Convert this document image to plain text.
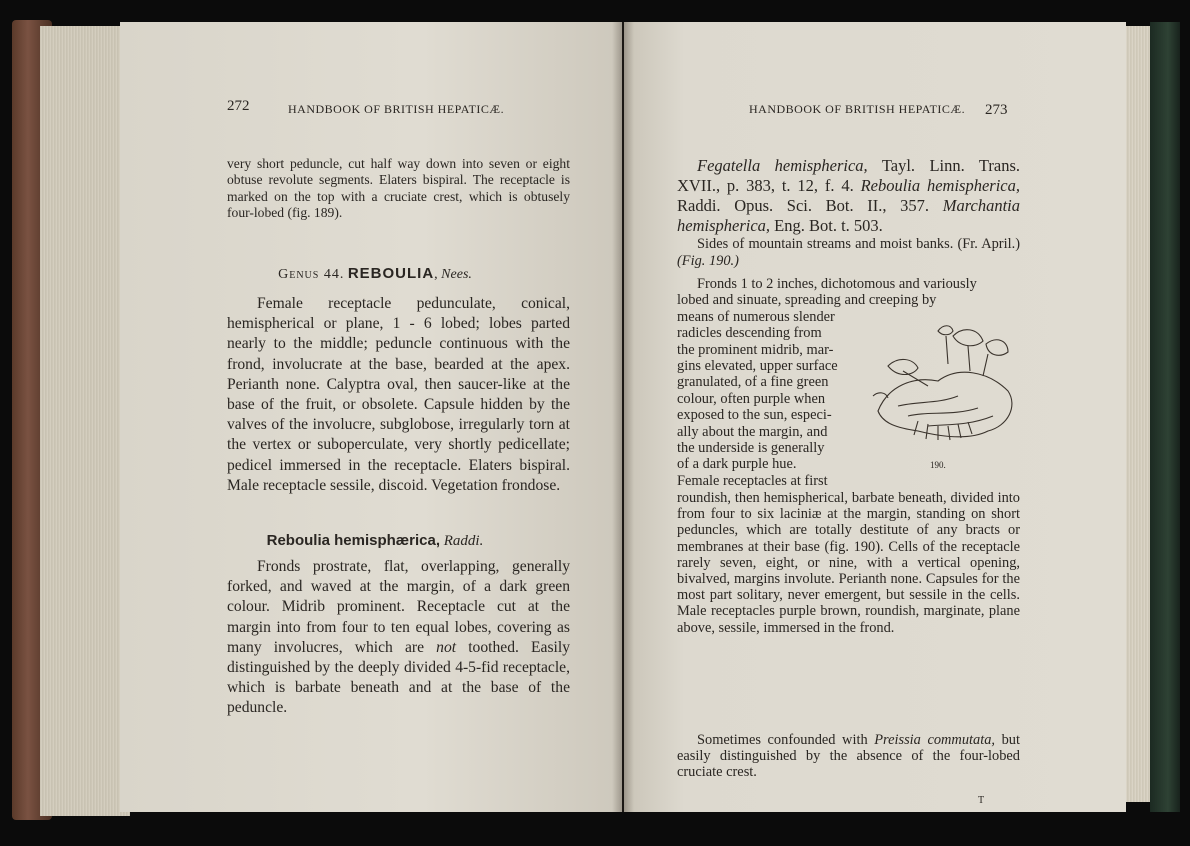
272	HANDBOOK OF BRITISH HEPATICÆ.
very short peduncle, cut half way down into seven or eight obtuse revolute segments. Elaters bispiral. The receptacle is marked on the top with a cruciate crest, which is obtusely four-lobed (fig. 189).
Genus 44. REBOULIA, Nees.
Female receptacle pedunculate, conical, hemispherical or plane, 1 - 6 lobed; lobes parted nearly to the middle; peduncle continuous with the frond, involucrate at the base, bearded at the apex. Perianth none. Calyptra oval, then saucer-like at the base of the fruit, or obsolete. Capsule hidden by the valves of the involucre, subglobose, irregularly torn at the vertex or suboperculate, very shortly pedicellate; pedicel immersed in the receptacle. Elaters bispiral. Male receptacle sessile, discoid. Vegetation frondose.
Reboulia hemisphærica, Raddi.
Fronds prostrate, flat, overlapping, generally forked, and waved at the margin, of a dark green colour. Midrib prominent. Receptacle cut at the margin into from four to ten equal lobes, covering as many involucres, which are not toothed. Easily distinguished by the deeply divided 4-5-fid receptacle, which is barbate beneath and at the base of the peduncle.
HANDBOOK OF BRITISH HEPATICÆ. 273
Fegatella hemispherica, Tayl. Linn. Trans. XVII., p. 383, t. 12, f. 4. Reboulia hemispherica, Raddi. Opus. Sci. Bot. II., 357. Marchantia hemispherica, Eng. Bot. t. 503.
Sides of mountain streams and moist banks. (Fr. April.) (Fig. 190.)
Fronds 1 to 2 inches, dichotomous and variously
lobed and sinuate, spreading and creeping by
means of numerous slender
radicles descending from
the prominent midrib, mar-
gins elevated, upper surface
granulated, of a fine green
colour, often purple when
exposed to the sun, especi-
ally about the margin, and
the underside is generally
of a dark purple hue.
Female receptacles at first
190.
roundish, then hemispherical, barbate beneath, divided into from four to six laciniæ at the margin, standing on short peduncles, which are totally destitute of any bracts or membranes at their base (fig. 190). Cells of the receptacle rarely seven, eight, or nine, with a vertical opening, bivalved, margins involute. Perianth none. Capsules for the most part solitary, never emergent, but sessile in the cells. Male receptacles purple brown, roundish, marginate, plane above, sessile, immersed in the frond.
Sometimes confounded with Preissia commutata, but easily distinguished by the absence of the four-lobed cruciate crest.
T
